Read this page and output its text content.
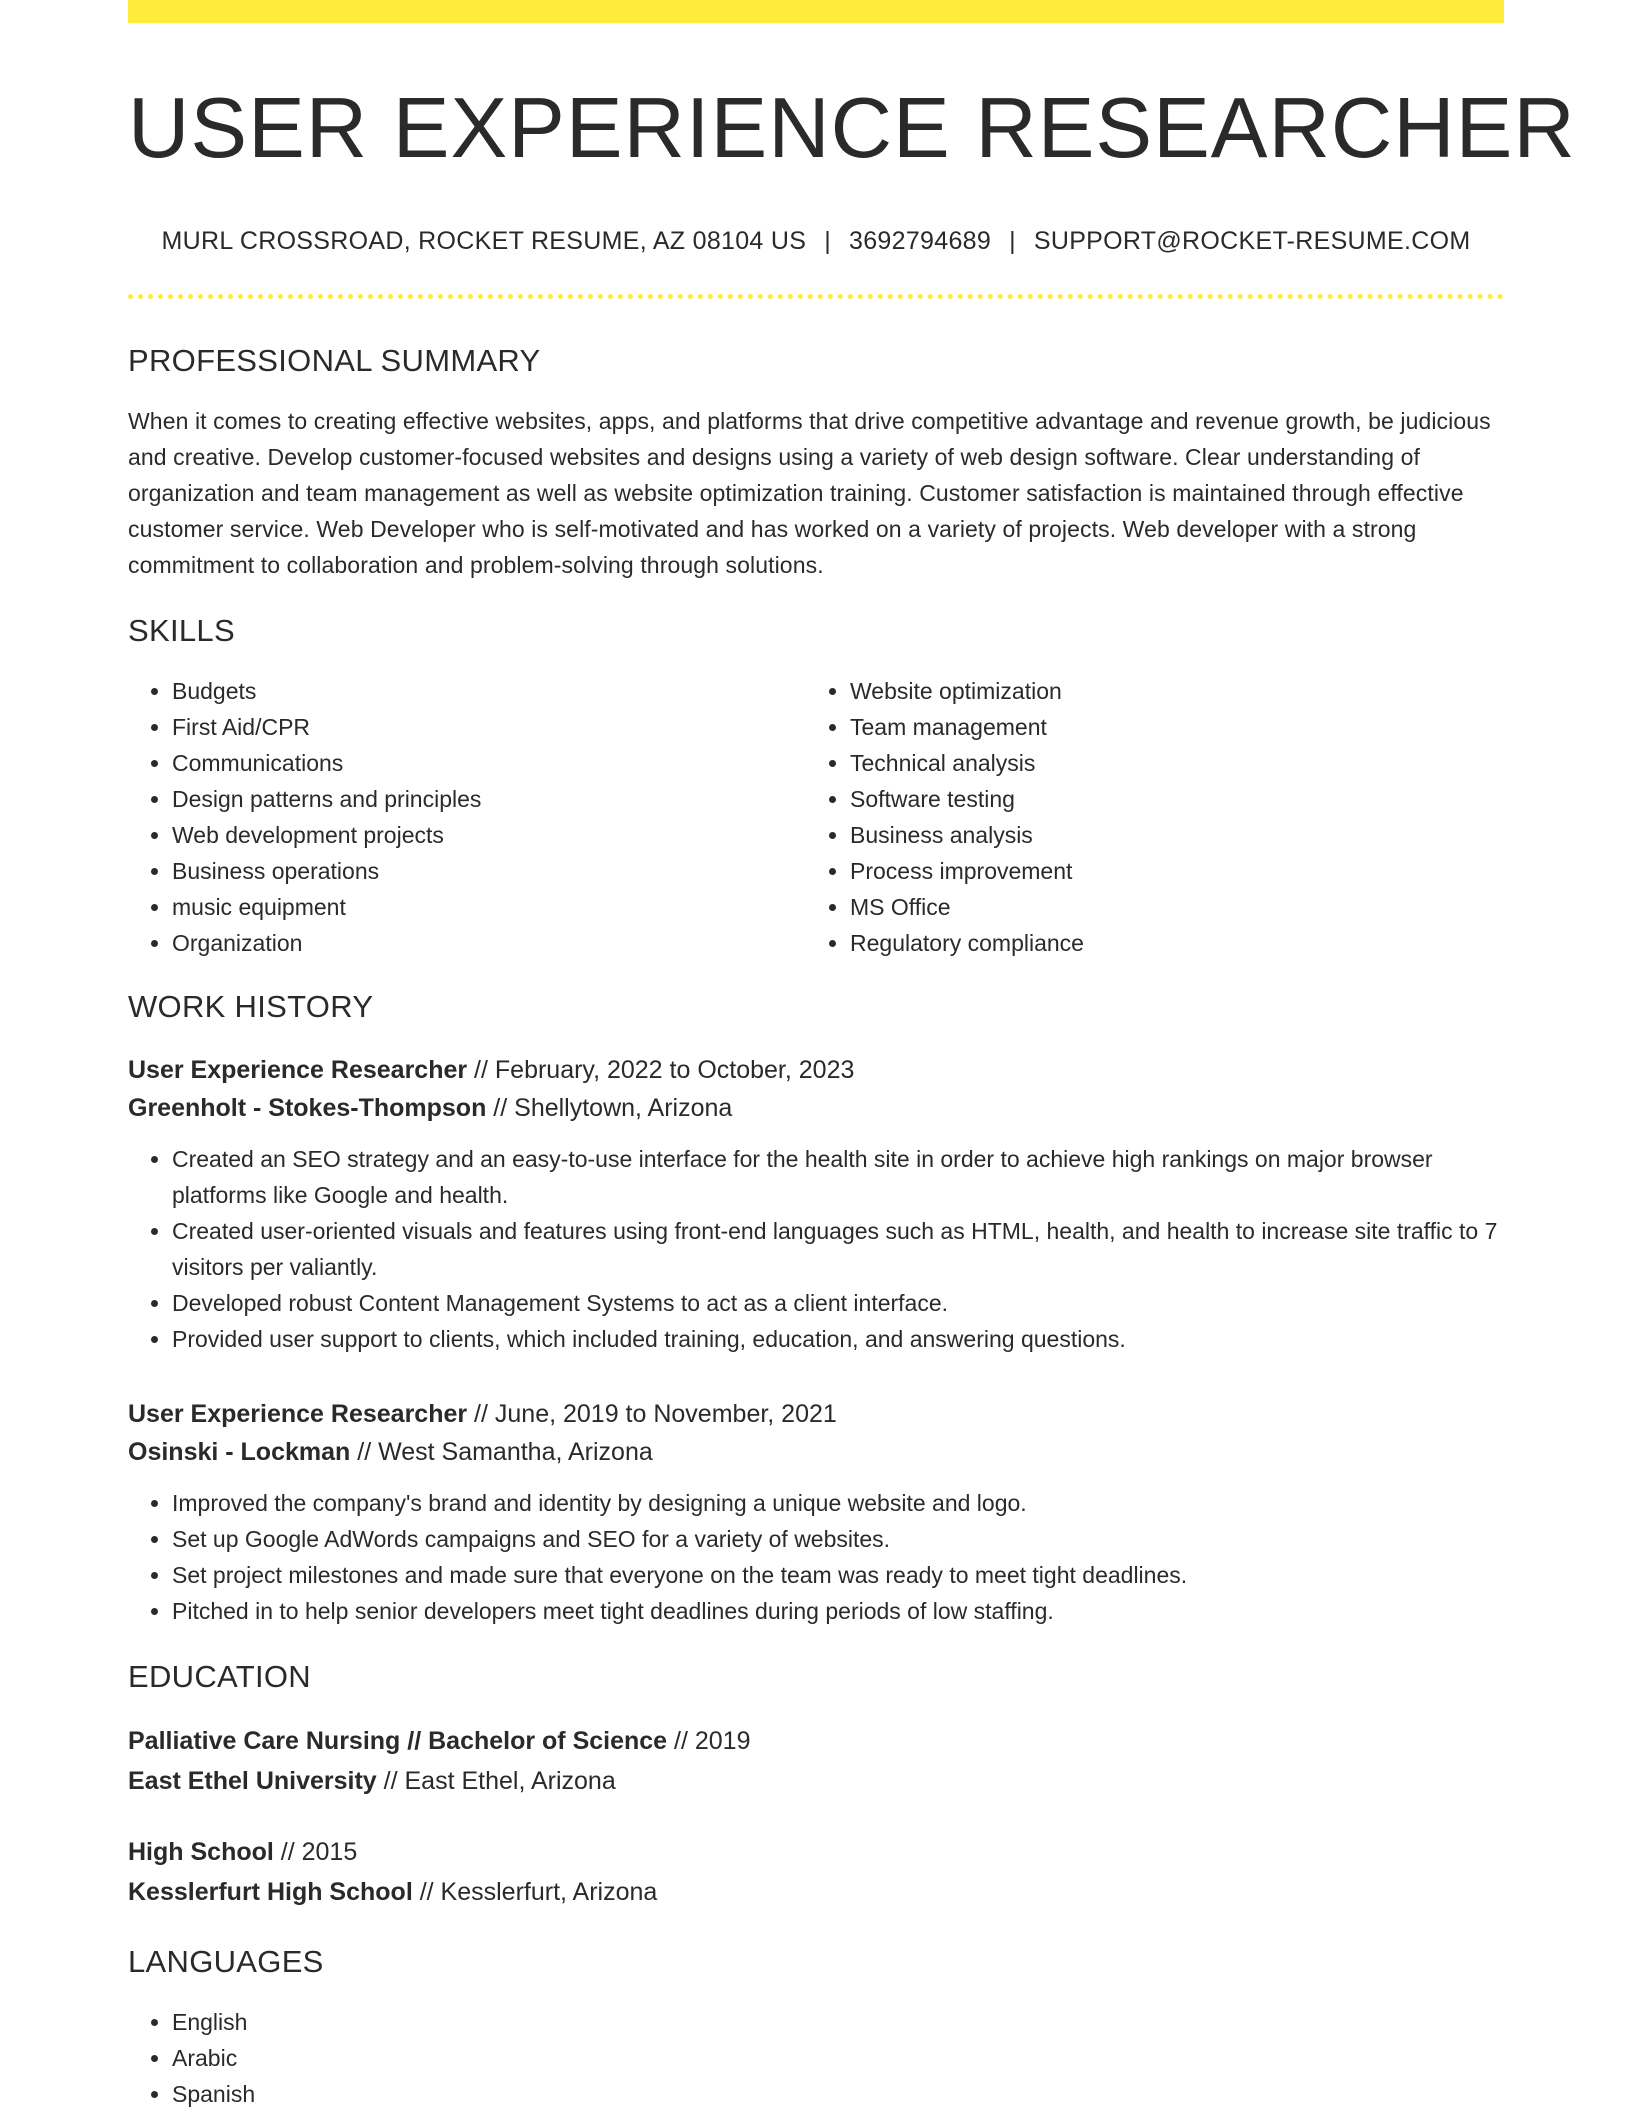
USER EXPERIENCE RESEARCHER
MURL CROSSROAD, ROCKET RESUME, AZ 08104 US | 3692794689 | SUPPORT@ROCKET-RESUME.COM
PROFESSIONAL SUMMARY

When it comes to creating effective websites, apps, and platforms that drive competitive advantage and revenue growth, be judicious and creative. Develop customer-focused websites and designs using a variety of web design software. Clear understanding of organization and team management as well as website optimization training. Customer satisfaction is maintained through effective customer service. Web Developer who is self-motivated and has worked on a variety of projects. Web developer with a strong commitment to collaboration and problem-solving through solutions.

SKILLS
• Budgets
• First Aid/CPR
• Communications
• Design patterns and principles
• Web development projects
• Business operations
• music equipment
• Organization
• Website optimization
• Team management
• Technical analysis
• Software testing
• Business analysis
• Process improvement
• MS Office
• Regulatory compliance
WORK HISTORY
User Experience Researcher // February, 2022 to October, 2023
Greenholt - Stokes-Thompson // Shellytown, Arizona
• Created an SEO strategy and an easy-to-use interface for the health site in order to achieve high rankings on major browser platforms like Google and health.
• Created user-oriented visuals and features using front-end languages such as HTML, health, and health to increase site traffic to 7 visitors per valiantly.
• Developed robust Content Management Systems to act as a client interface.
• Provided user support to clients, which included training, education, and answering questions.
User Experience Researcher // June, 2019 to November, 2021
Osinski - Lockman // West Samantha, Arizona
• Improved the company's brand and identity by designing a unique website and logo.
• Set up Google AdWords campaigns and SEO for a variety of websites.
• Set project milestones and made sure that everyone on the team was ready to meet tight deadlines.
• Pitched in to help senior developers meet tight deadlines during periods of low staffing.
EDUCATION
Palliative Care Nursing // Bachelor of Science // 2019
East Ethel University // East Ethel, Arizona
High School // 2015
Kesslerfurt High School // Kesslerfurt, Arizona
LANGUAGES
• English
• Arabic
• Spanish
